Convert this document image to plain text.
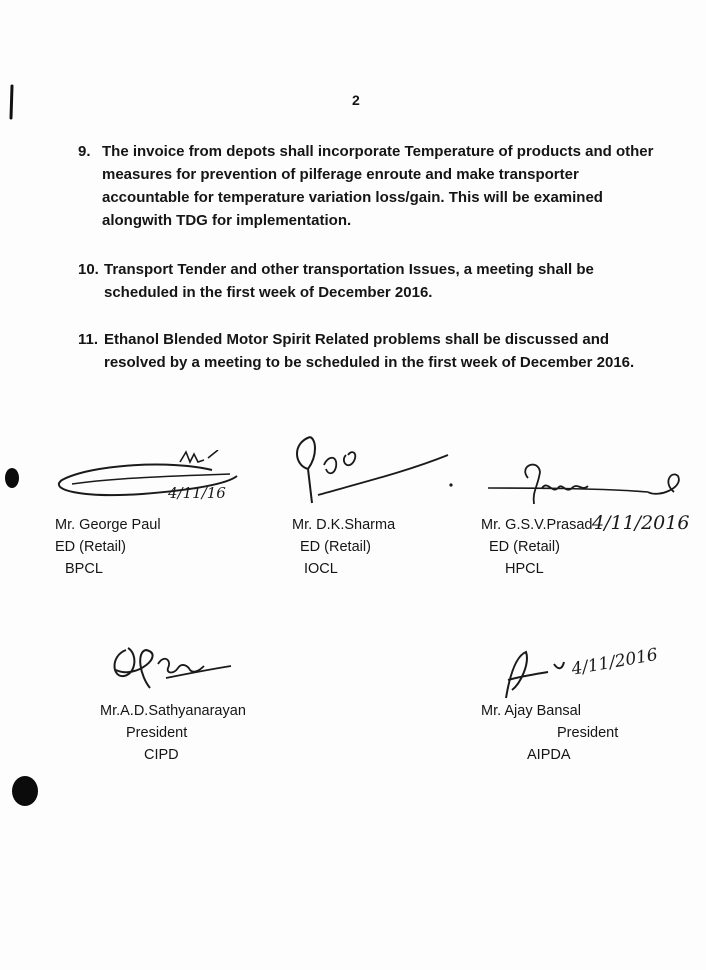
2
9. The invoice from depots shall incorporate Temperature of products and other measures for prevention of pilferage enroute and make transporter accountable for temperature variation loss/gain. This will be examined alongwith TDG for implementation.
10. Transport Tender and other transportation Issues, a meeting shall be scheduled in the first week of December 2016.
11. Ethanol Blended Motor Spirit Related problems shall be discussed and resolved by a meeting to be scheduled in the first week of December 2016.
4/11/16
4/11/2016
4/11/2016
Mr. George Paul
ED (Retail)
BPCL
Mr. D.K.Sharma
ED (Retail)
IOCL
Mr. G.S.V.Prasad
ED (Retail)
HPCL
Mr.A.D.Sathyanarayan
President
CIPD
Mr. Ajay Bansal
President
AIPDA
